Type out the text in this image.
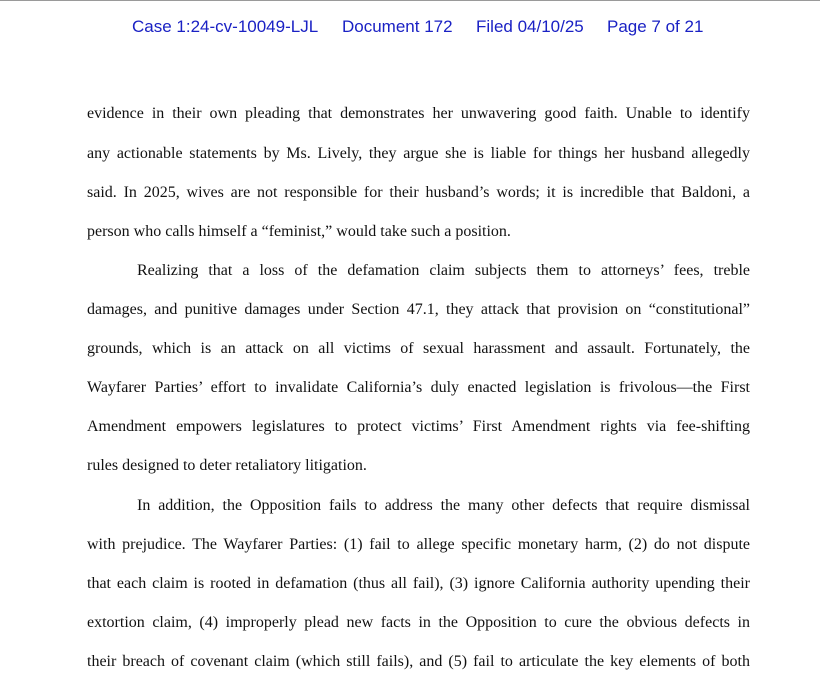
Case 1:24-cv-10049-LJL Document 172 Filed 04/10/25 Page 7 of 21
evidence in their own pleading that demonstrates her unwavering good faith. Unable to identify
any actionable statements by Ms. Lively, they argue she is liable for things her husband allegedly
said. In 2025, wives are not responsible for their husband’s words; it is incredible that Baldoni, a
person who calls himself a “feminist,” would take such a position.
Realizing that a loss of the defamation claim subjects them to attorneys’ fees, treble
damages, and punitive damages under Section 47.1, they attack that provision on “constitutional”
grounds, which is an attack on all victims of sexual harassment and assault. Fortunately, the
Wayfarer Parties’ effort to invalidate California’s duly enacted legislation is frivolous—the First
Amendment empowers legislatures to protect victims’ First Amendment rights via fee-shifting
rules designed to deter retaliatory litigation.
In addition, the Opposition fails to address the many other defects that require dismissal
with prejudice. The Wayfarer Parties: (1) fail to allege specific monetary harm, (2) do not dispute
that each claim is rooted in defamation (thus all fail), (3) ignore California authority upending their
extortion claim, (4) improperly plead new facts in the Opposition to cure the obvious defects in
their breach of covenant claim (which still fails), and (5) fail to articulate the key elements of both
